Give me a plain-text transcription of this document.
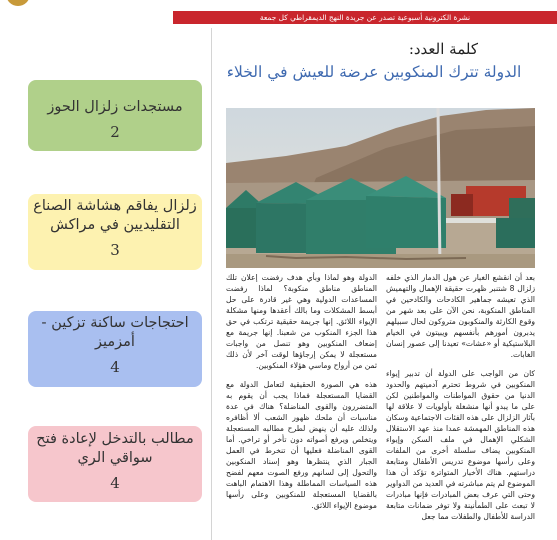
نشرة الكترونية أسبوعية تصدر عن جريدة النهج الديمقراطي كل جمعة
مستجدات زلزال الحوز
2
زلزال يفاقم هشاشة الصناع التقليديين في مراكش
3
احتجاجات ساكنة تزكين - أمزميز
4
مطالب بالتدخل لإعادة فتح سواقي الري
4
كلمة العدد:
الدولة تترك المنكوبين عرضة للعيش في الخلاء

بعد أن انقشع الغبار عن هول الدمار الذي خلفه زلزال 8 شتنبر ظهرت حقيقة الإهمال والتهميش الذي تعيشه جماهير الكادحات والكادحين في المناطق المنكوبة، نحن الآن على بعد شهر من وقوع الكارثة والمنكوبون متروكون لحال سبيلهم يدبرون أمورهم بأنفسهم ويبيتون في الخيام البلاستيكية أو «عشات» تعيدنا إلى عصور إنسان الغابات.

كان من الواجب على الدولة أن تدبير إيواء المنكوبين في شروط تحترم آدميتهم والحدود الدنيا من حقوق المواطنات والمواطنين لكن على ما يبدو أنها منشغلة بأولويات لا علاقة لها بآثار الزلزال على هذه الفئات الاجتماعية وسكان هذه المناطق المهمشة عمدا منذ عهد الاستقلال الشكلي الإهمال في ملف السكن وإيواء المنكوبين يضاف سلسلة أخرى من الملفات وعلى رأسها موضوع تدريس الأطفال ومتابعة دراستهم. هناك الأخبار المتواترة تؤكد أن هذا الموضوع لم يتم مباشرته في العديد من الدواوير وحتى التي عرف بعض المبادرات فإنها مبادرات لا تبعث على الطمأنينة ولا توفر ضمانات متابعة الدراسة للأطفال والطفلات مما جعل

الدولة وهو لماذا وبأي هدف رفضت إعلان تلك المناطق مناطق منكوبة؟ لماذا رفضت المساعدات الدولية وهي غير قادرة على حل أبسط المشكلات وما بالك أعقدها ومنها مشكلة الإيواء اللائق. إنها جريمة حقيقية ترتكب في حق هذا الجزء المنكوب من شعبنا. إنها جريمة مع إضعاف المنكوبين وهو تنصل من واجبات مستعجلة لا يمكن إرجاؤها لوقت آخر لأن ذلك ثمن من أرواح وماسي هؤلاء المنكوبين.

هذه هي الصورة الحقيقية لتعامل الدولة مع القضايا المستعجلة فماذا يجب أن يقوم به المتضررون والقوى المناضلة؟ هناك في عدة مناسبات أن ملحك ظهور الشعب ألا أظافره ولذلك عليه أن ينهض لطرح مطالبه المستعجلة ويتخلص ويرفع أصواته دون تأخر أو تراخي. أما القوى المناضلة فعليها أن تنخرط في العمل الجبار الذي ينتظرها وهو إسناد المنكوبين والتحول إلى لسانهم ورفع الصوت معهم لفضح هذه السياسات المماطلة وهذا الاهتمام الباهت بالقضايا المستعجلة للمنكوبين وعلى رأسها موضوع الإيواء اللائق.
